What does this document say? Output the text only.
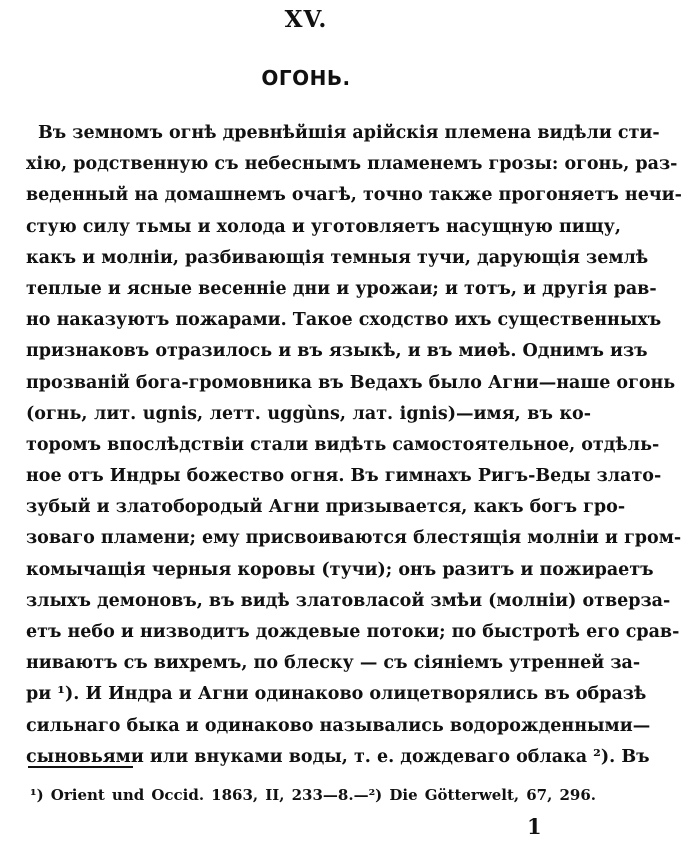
XV.
ОГОНЬ.
Въ земномъ огнѣ древнѣйшія арійскія племена видѣли сти-
хію, родственную съ небеснымъ пламенемъ грозы: огонь, раз-
веденный на домашнемъ очагѣ, точно также прогоняетъ нечи-
стую силу тьмы и холода и уготовляетъ насущную пищу,
какъ и молніи, разбивающія темныя тучи, дарующія землѣ
теплые и ясные весенніе дни и урожаи; и тотъ, и другія рав-
но наказуютъ пожарами. Такое сходство ихъ существенныхъ
признаковъ отразилось и въ языкѣ, и въ миѳѣ. Однимъ изъ
прозваній бога-громовника въ Ведахъ было Агни—наше огонь
(огнь, лит. ugnis, летт. uggùns, лат. ignis)—имя, въ ко-
торомъ впослѣдствіи стали видѣть самостоятельное, отдѣль-
ное отъ Индры божество огня. Въ гимнахъ Ригъ-Веды злато-
зубый и златобородый Агни призывается, какъ богъ гро-
зоваго пламени; ему присвоиваются блестящія молніи и гром-
комычащія черныя коровы (тучи); онъ разитъ и пожираетъ
злыхъ демоновъ, въ видѣ златовласой змѣи (молніи) отверза-
етъ небо и низводитъ дождевые потоки; по быстротѣ его срав-
ниваютъ съ вихремъ, по блеску — съ сіяніемъ утренней за-
ри ¹). И Индра и Агни одинаково олицетворялись въ образѣ
сильнаго быка и одинаково назывались водорожденными—
сыновьями или внуками воды, т. е. дождеваго облака ²). Въ
¹) Orient und Occid. 1863, II, 233—8.—²) Die Götterwelt, 67, 296.
1
